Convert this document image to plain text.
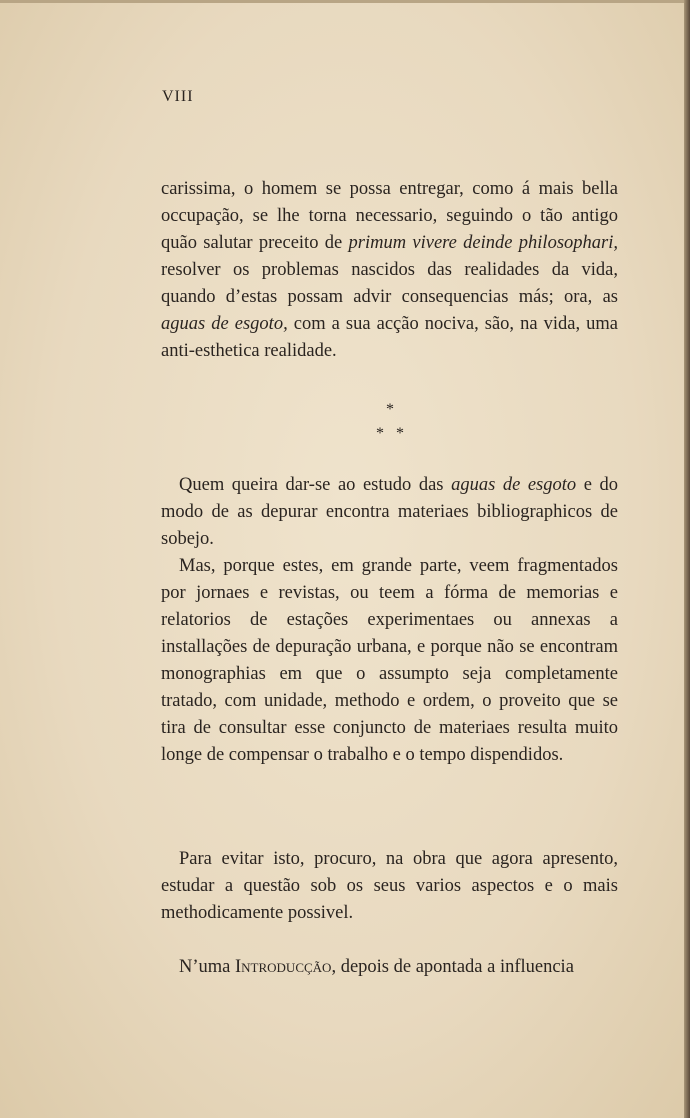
VIII

carissima, o homem se possa entregar, como á mais bella occupação, se lhe torna necessario, seguindo o tão antigo quão salutar preceito de primum vivere deinde philosophari, resolver os problemas nascidos das realidades da vida, quando d’estas possam advir consequencias más; ora, as aguas de esgoto, com a sua acção nociva, são, na vida, uma anti-esthetica realidade.

*
*   *

Quem queira dar-se ao estudo das aguas de esgoto e do modo de as depurar encontra materiaes bibliographicos de sobejo.

Mas, porque estes, em grande parte, veem fragmentados por jornaes e revistas, ou teem a fórma de memorias e relatorios de estações experimentaes ou annexas a installações de depuração urbana, e porque não se encontram monographias em que o assumpto seja completamente tratado, com unidade, methodo e ordem, o proveito que se tira de consultar esse conjuncto de materiaes resulta muito longe de compensar o trabalho e o tempo dispendidos.

Para evitar isto, procuro, na obra que agora apresento, estudar a questão sob os seus varios aspectos e o mais methodicamente possivel.

N’uma Introducção, depois de apontada a influencia
